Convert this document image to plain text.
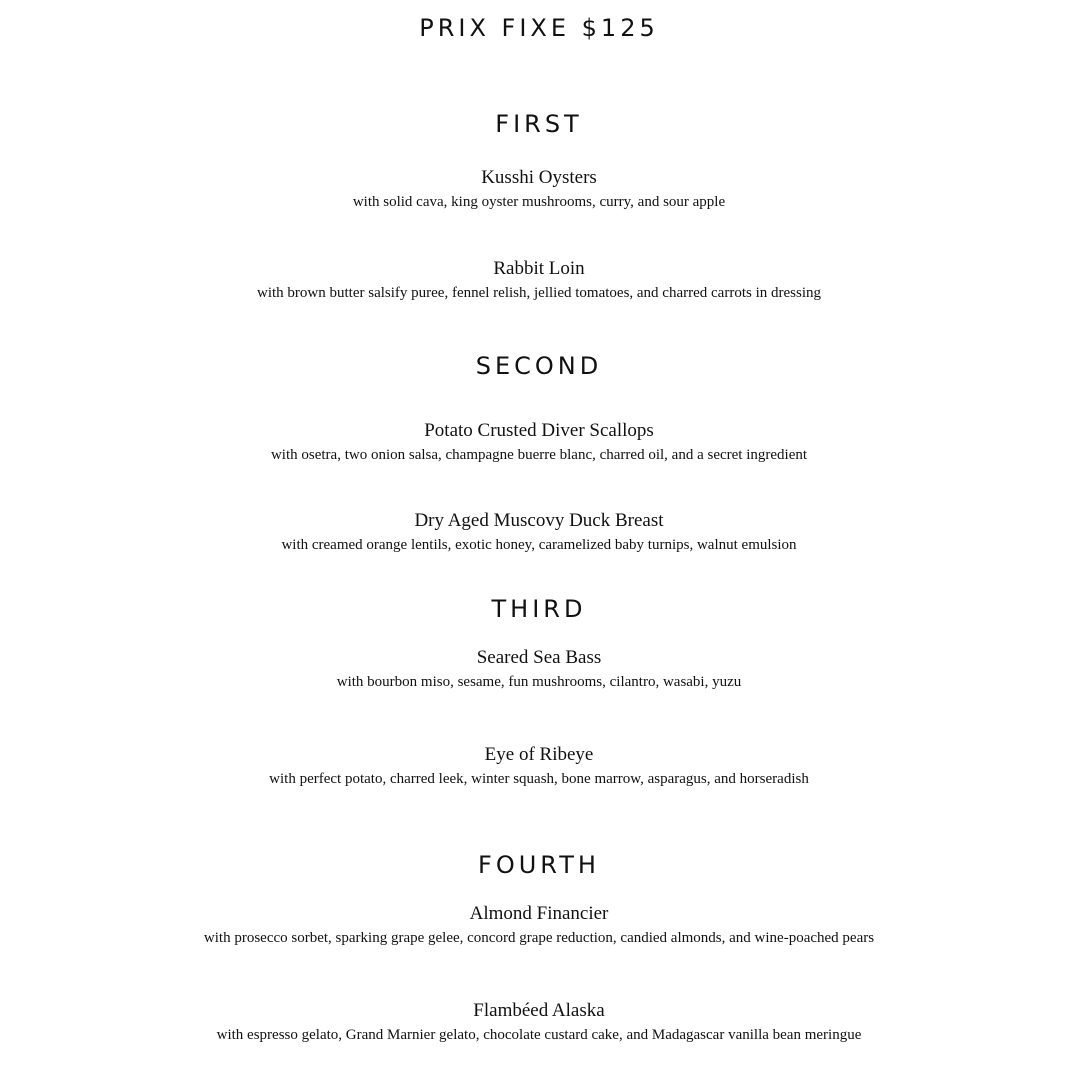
PRIX FIXE $125
FIRST
Kusshi Oysters
with solid cava, king oyster mushrooms, curry, and sour apple
Rabbit Loin
with brown butter salsify puree, fennel relish, jellied tomatoes, and charred carrots in dressing
SECOND
Potato Crusted Diver Scallops
with osetra, two onion salsa, champagne buerre blanc, charred oil, and a secret ingredient
Dry Aged Muscovy Duck Breast
with creamed orange lentils, exotic honey, caramelized baby turnips, walnut emulsion
THIRD
Seared Sea Bass
with bourbon miso, sesame, fun mushrooms, cilantro, wasabi, yuzu
Eye of Ribeye
with perfect potato, charred leek, winter squash, bone marrow, asparagus, and horseradish
FOURTH
Almond Financier
with prosecco sorbet, sparking grape gelee, concord grape reduction, candied almonds, and wine-poached pears
Flambéed Alaska
with espresso gelato, Grand Marnier gelato, chocolate custard cake, and Madagascar vanilla bean meringue
